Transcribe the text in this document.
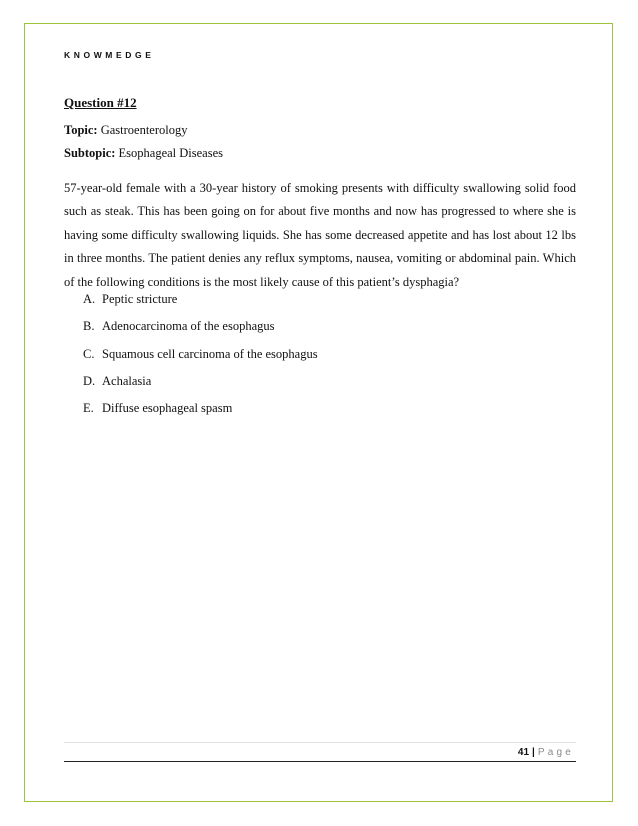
KNOWMEDGE
Question #12
Topic: Gastroenterology
Subtopic: Esophageal Diseases
57-year-old female with a 30-year history of smoking presents with difficulty swallowing solid food such as steak. This has been going on for about five months and now has progressed to where she is having some difficulty swallowing liquids. She has some decreased appetite and has lost about 12 lbs in three months. The patient denies any reflux symptoms, nausea, vomiting or abdominal pain. Which of the following conditions is the most likely cause of this patient’s dysphagia?
A. Peptic stricture
B. Adenocarcinoma of the esophagus
C. Squamous cell carcinoma of the esophagus
D. Achalasia
E. Diffuse esophageal spasm
41 | Page
